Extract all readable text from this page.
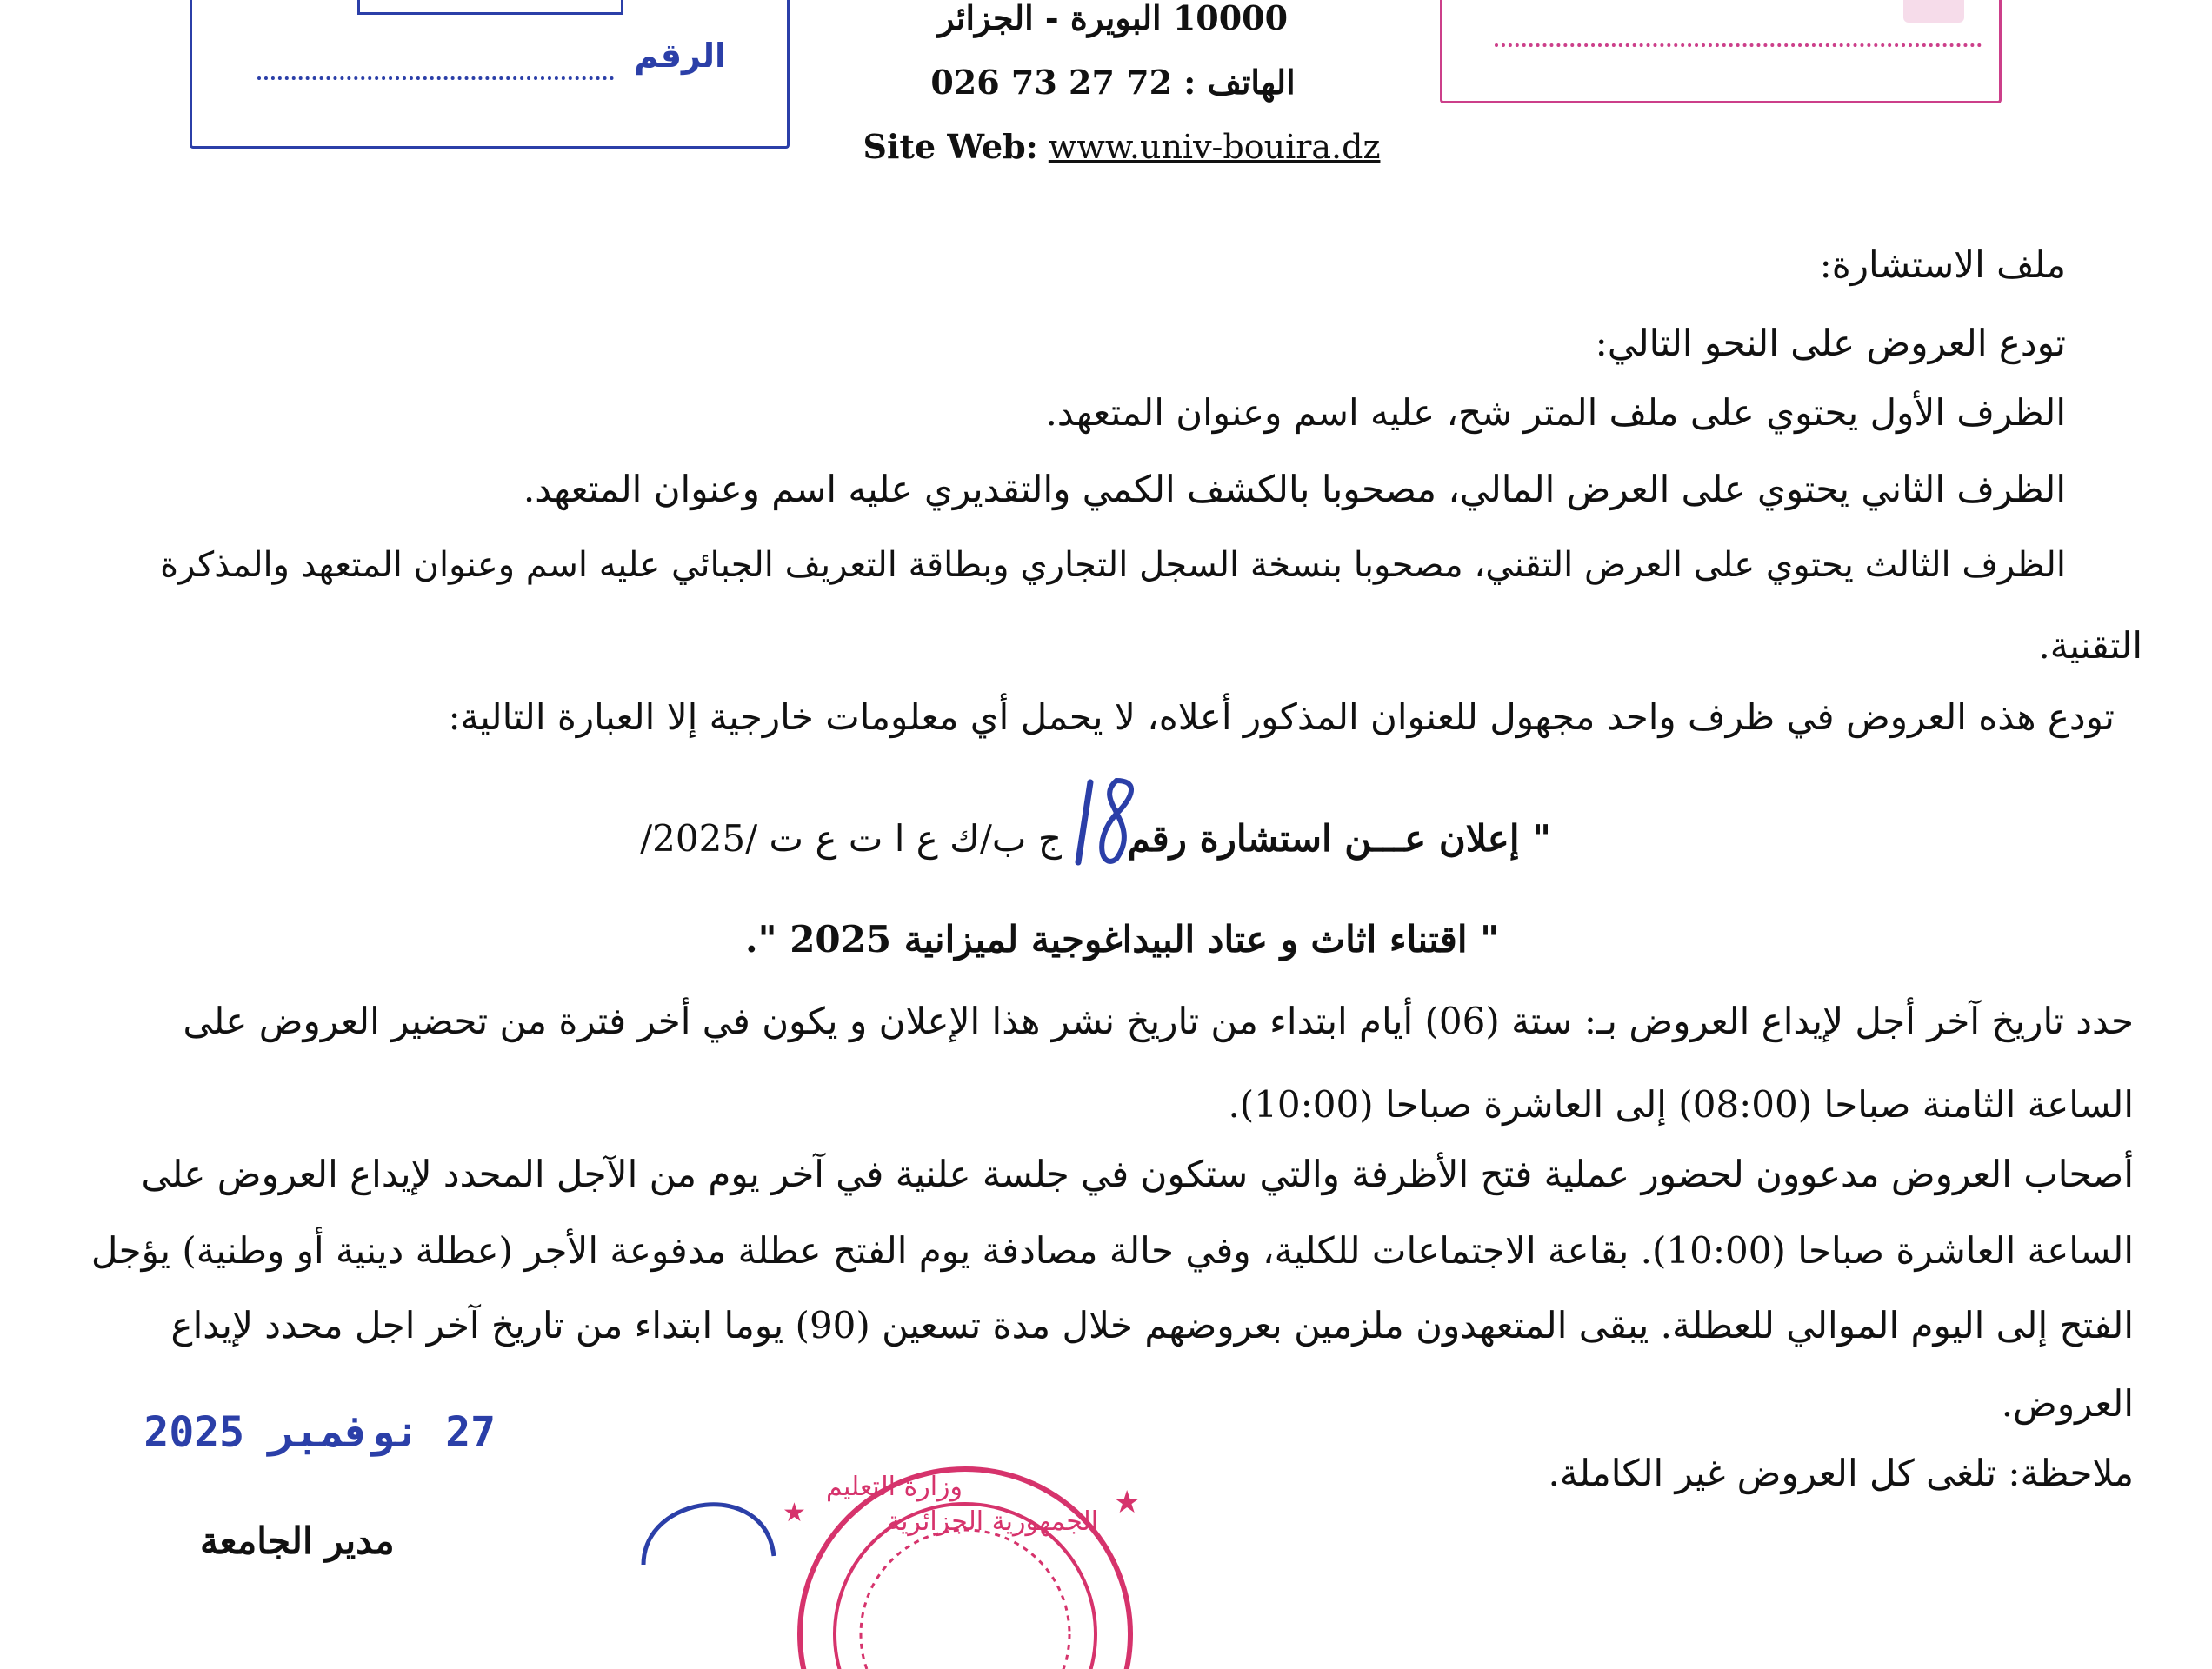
الرقم
10000 البويرة - الجزائر
الهاتف : 72 27 73 026
Site Web: www.univ-bouira.dz
ملف الاستشارة:
تودع العروض على النحو التالي:
الظرف الأول يحتوي على ملف المتر شح، عليه اسم وعنوان المتعهد.
الظرف الثاني يحتوي على العرض المالي، مصحوبا بالكشف الكمي والتقديري عليه اسم وعنوان المتعهد.
الظرف الثالث يحتوي على العرض التقني، مصحوبا بنسخة السجل التجاري وبطاقة التعريف الجبائي عليه اسم وعنوان المتعهد والمذكرة
التقنية.
تودع هذه العروض في ظرف واحد مجهول للعنوان المذكور أعلاه، لا يحمل أي معلومات خارجية إلا العبارة التالية:
" إعلان عـــن استشارة رقم
/ج ب/ك ع ا ت ع ت /2025
" اقتناء اثاث و عتاد البيداغوجية لميزانية 2025 ".
حدد تاريخ آخر أجل لإيداع العروض بـ: ستة (06) أيام ابتداء من تاريخ نشر هذا الإعلان و يكون في أخر فترة من تحضير العروض على
الساعة الثامنة صباحا (08:00) إلى العاشرة صباحا (10:00).
أصحاب العروض مدعوون لحضور عملية فتح الأظرفة والتي ستكون في جلسة علنية في آخر يوم من الآجل المحدد لإيداع العروض على
الساعة العاشرة صباحا (10:00). بقاعة الاجتماعات للكلية، وفي حالة مصادفة يوم الفتح عطلة مدفوعة الأجر (عطلة دينية أو وطنية) يؤجل
الفتح إلى اليوم الموالي للعطلة. يبقى المتعهدون ملزمين بعروضهم خلال مدة تسعين (90) يوما ابتداء من تاريخ آخر اجل محدد لإيداع
العروض.
ملاحظة: تلغى كل العروض غير الكاملة.
27 نوفمبر 2025
مدير الجامعة	الجمهورية الجزائرية
وزارة التعليم	★
★
